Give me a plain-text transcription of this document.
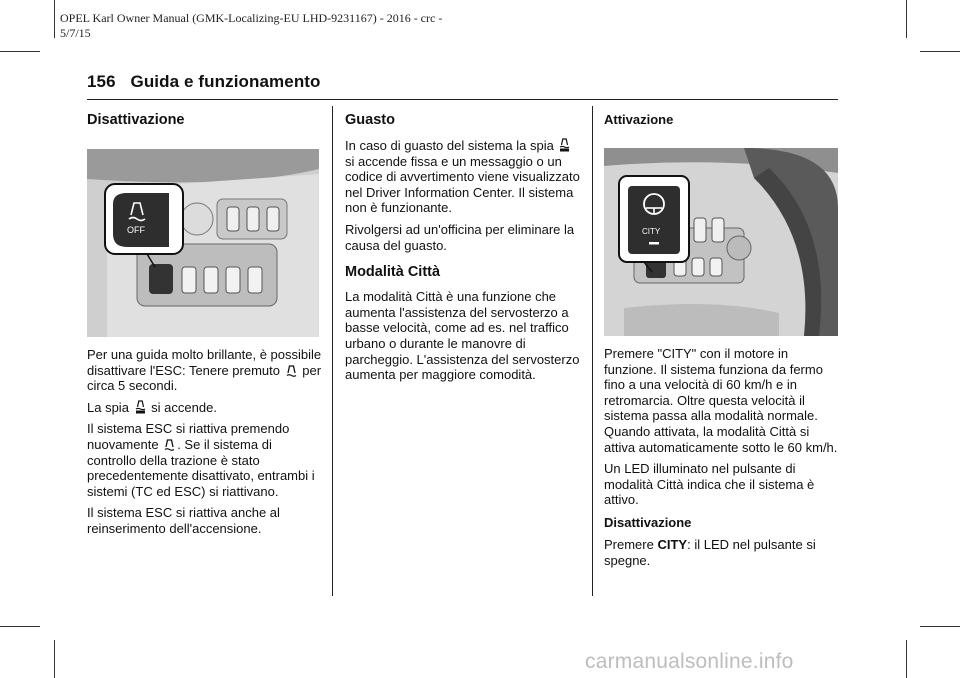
OPEL Karl Owner Manual (GMK-Localizing-EU LHD-9231167) - 2016 - crc -
5/7/15
156 Guida e funzionamento
Disattivazione
OFF

Per una guida molto brillante, è possibile disattivare l'ESC: Tenere premuto per circa 5 secondi.

La spia si accende.

Il sistema ESC si riattiva premendo nuovamente . Se il sistema di controllo della trazione è stato precedentemente disattivato, entrambi i sistemi (TC ed ESC) si riattivano.

Il sistema ESC si riattiva anche al reinserimento dell'accensione.

Guasto

In caso di guasto del sistema la spia  si accende fissa e un messaggio o un codice di avvertimento viene visualizzato nel Driver Information Center. Il sistema non è funzionante.

Rivolgersi ad un'officina per eliminare la causa del guasto.

Modalità Città

La modalità Città è una funzione che aumenta l'assistenza del servosterzo a basse velocità, come ad es. nel traffico urbano o durante le manovre di parcheggio. L'assistenza del servosterzo aumenta per maggiore comodità.

Attivazione
CITY

Premere "CITY" con il motore in funzione. Il sistema funziona da fermo fino a una velocità di 60 km/h e in retromarcia. Oltre questa velocità il sistema passa alla modalità normale. Quando attivata, la modalità Città si attiva automaticamente sotto le 60 km/h.

Un LED illuminato nel pulsante di modalità Città indica che il sistema è attivo.

Disattivazione

Premere CITY: il LED nel pulsante si spegne.

carmanualsonline.info
